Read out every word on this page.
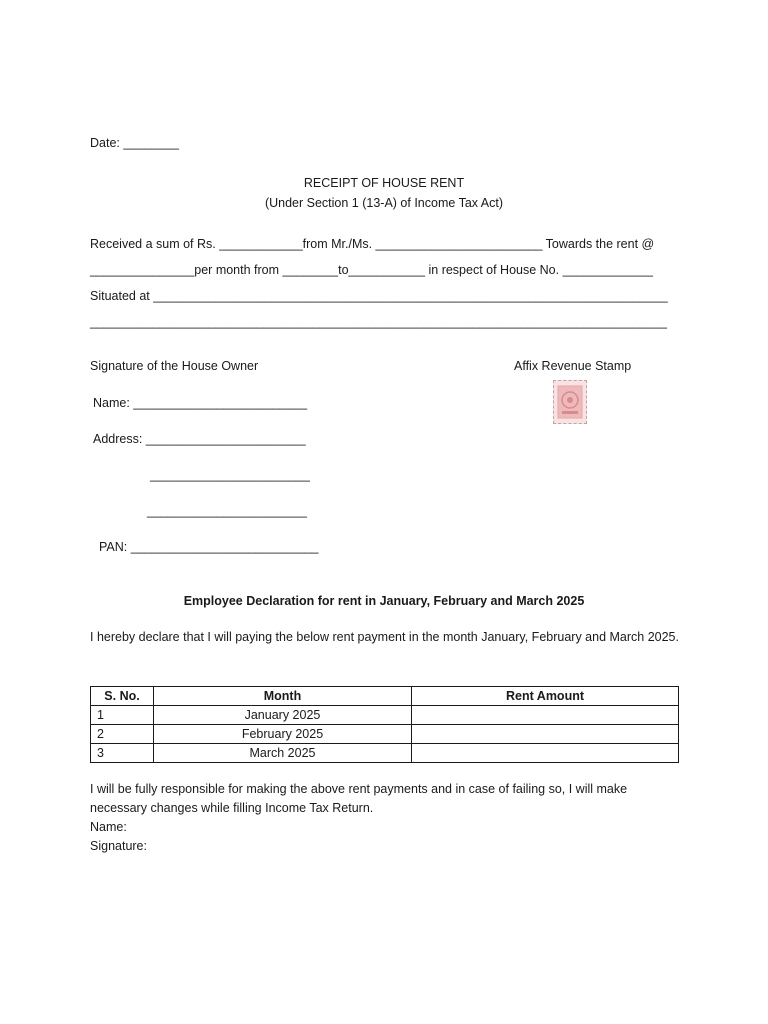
Date: ________
RECEIPT OF HOUSE RENT
(Under Section 1 (13-A) of Income Tax Act)
Received a sum of Rs. ____________from Mr./Ms. ________________________ Towards the rent @
_______________per month from ________to___________ in respect of House No. _____________
Situated at __________________________________________________________________________
___________________________________________________________________________________
Signature of the House Owner	Affix Revenue Stamp
Name: _________________________
Address: _______________________
_______________________
_______________________
PAN: ___________________________
Employee Declaration for rent in January, February and March 2025
I hereby declare that I will paying the below rent payment in the month January, February and March 2025.
S. No.	Month	Rent Amount
1	January 2025	
2	February 2025	
3	March 2025	
I will be fully responsible for making the above rent payments and in case of failing so, I will make necessary changes while filling Income Tax Return.
Name:
Signature:
